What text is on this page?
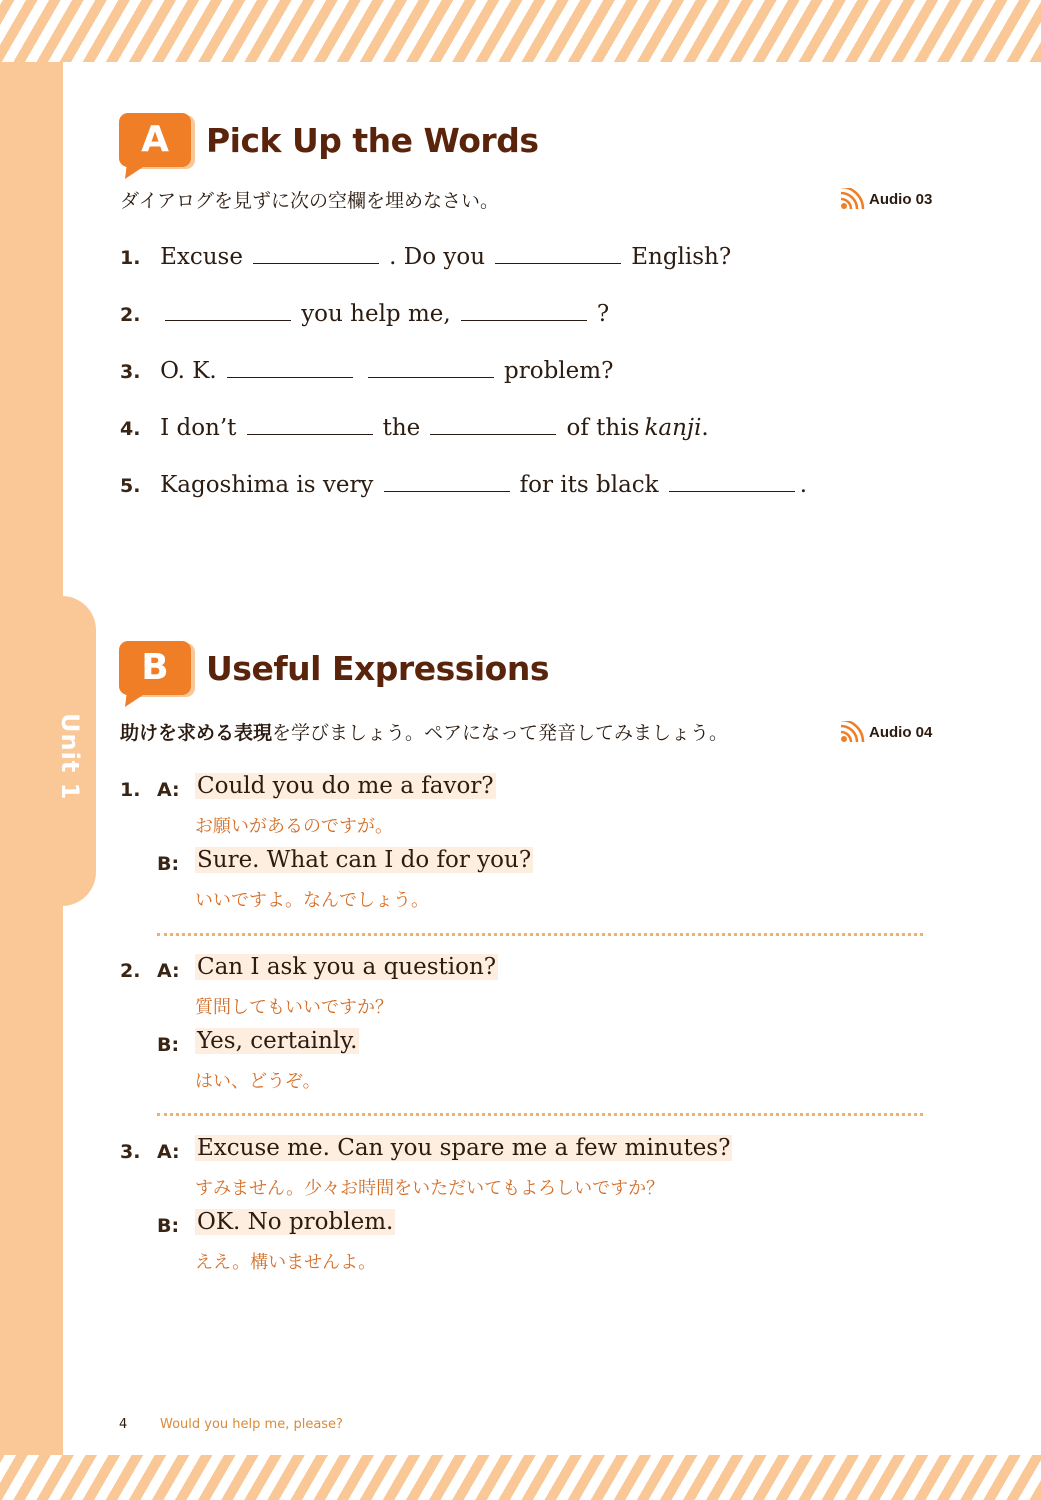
Unit 1
A	Pick Up the Words
ダイアログを見ずに次の空欄を埋めなさい。	Audio 03
1. Excuse	. Do you	English?
2.	you help me,	?
3. O. K.	problem?
4. I don’t	the	of this kanji.
5. Kagoshima is very	for its black	.
B	Useful Expressions
助けを求める表現を学びましょう。ペアになって発音してみましょう。	Audio 04
1. A: Could you do me a favor?
お願いがあるのですが。
B: Sure. What can I do for you?
いいですよ。なんでしょう。
2. A: Can I ask you a question?
質問してもいいですか？
B: Yes, certainly.
はい、どうぞ。
3. A: Excuse me. Can you spare me a few minutes?
すみません。少々お時間をいただいてもよろしいですか？
B: OK. No problem.
ええ。構いませんよ。
4	Would you help me, please?
